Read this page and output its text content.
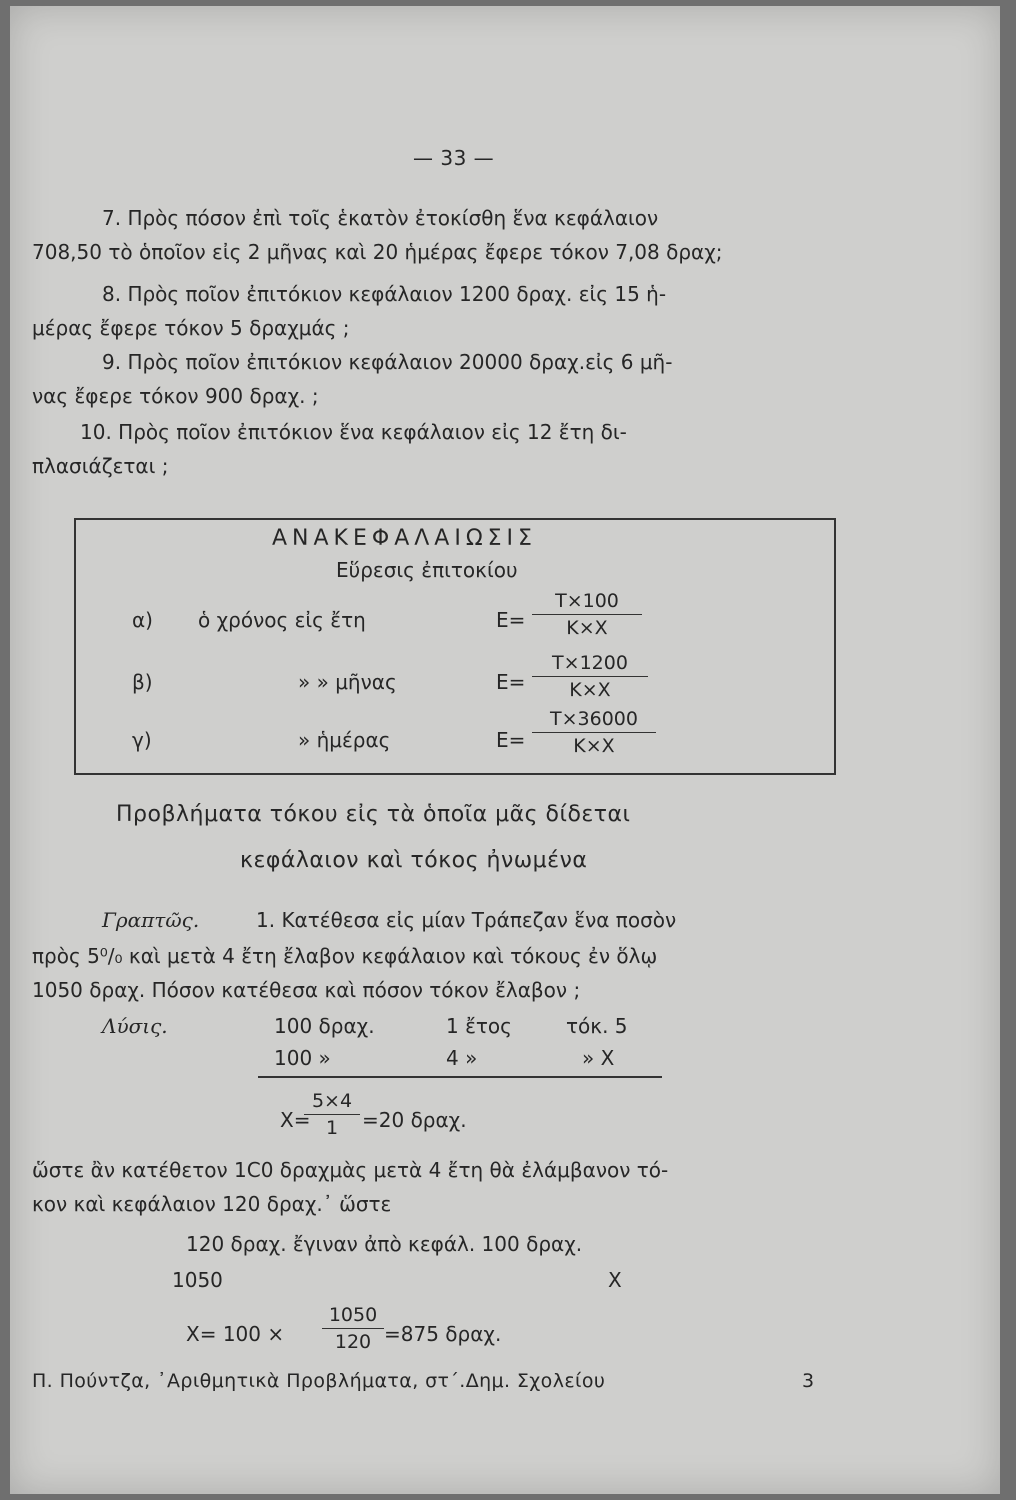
— 33 —
7. Πρὸς πόσον ἐπὶ τοῖς ἑκατὸν ἐτοκίσθη ἕνα κεφάλαιον
708,50 τὸ ὁποῖον εἰς 2 μῆνας καὶ 20 ἡμέρας ἔφερε τόκον 7,08 δραχ;
8. Πρὸς ποῖον ἐπιτόκιον κεφάλαιον 1200 δραχ. εἰς 15 ἡ-
μέρας ἔφερε τόκον 5 δραχμάς ;
9. Πρὸς ποῖον ἐπιτόκιον κεφάλαιον 20000 δραχ.εἰς 6 μῆ-
νας ἔφερε τόκον 900 δραχ. ;
10. Πρὸς ποῖον ἐπιτόκιον ἕνα κεφάλαιον εἰς 12 ἔτη δι-
πλασιάζεται ;
ΑΝΑΚΕΦΑΛΑΙΩΣΙΣ
Εὕρεσις ἐπιτοκίου
α) ὁ χρόνος εἰς ἔτη	Ε=
Τ×100
Κ×Χ
β)	» » μῆνας	Ε=
Τ×1200
Κ×Χ
γ)	» ἡμέρας	Ε=
Τ×36000
Κ×Χ
Προβλήματα τόκου εἰς τὰ ὁποῖα μᾶς δίδεται
κεφάλαιον καὶ τόκος ἠνωμένα
Γραπτῶς.	1. Κατέθεσα εἰς μίαν Τράπεζαν ἕνα ποσὸν
πρὸς 5⁰/₀ καὶ μετὰ 4 ἔτη ἔλαβον κεφάλαιον καὶ τόκους ἐν ὅλῳ
1050 δραχ. Πόσον κατέθεσα καὶ πόσον τόκον ἔλαβον ;
Λύσις.	100 δραχ.	1 ἔτος	τόκ. 5
100 »	4 »	» Χ
Χ=
5×4
1	=20 δραχ.
ὥστε ἂν κατέθετον 1C0 δραχμὰς μετὰ 4 ἔτη θὰ ἐλάμβανον τό-
κον καὶ κεφάλαιον 120 δραχ.᾿ ὥστε
120 δραχ. ἔγιναν ἀπὸ κεφάλ. 100 δραχ.
1050	Χ
Χ= 100 ×
1050
120 =875 δραχ.
Π. Πούντζα, ᾿Αριθμητικὰ Προβλήματα, στ΄.Δημ. Σχολείου	3
